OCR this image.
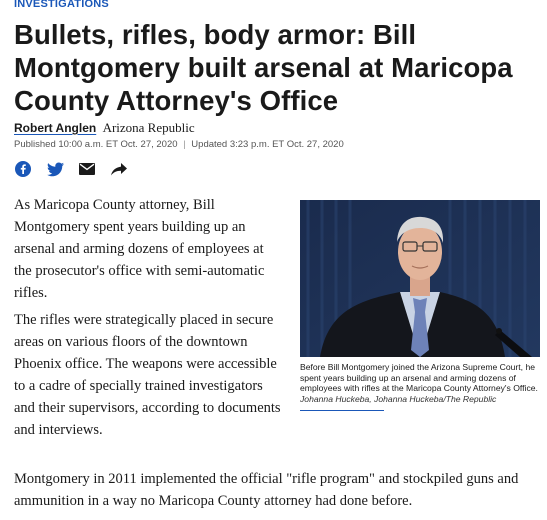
INVESTIGATIONS
Bullets, rifles, body armor: Bill Montgomery built arsenal at Maricopa County Attorney's Office
Robert Anglen Arizona Republic
Published 10:00 a.m. ET Oct. 27, 2020 | Updated 3:23 p.m. ET Oct. 27, 2020

As Maricopa County attorney, Bill Montgomery spent years building up an arsenal and arming dozens of employees at the prosecutor's office with semi-automatic rifles.

The rifles were strategically placed in secure areas on various floors of the downtown Phoenix office. The weapons were accessible to a cadre of specially trained investigators and their supervisors, according to documents and interviews.

Montgomery in 2011 implemented the official "rifle program" and stockpiled guns and ammunition in a way no Maricopa County attorney had done before.

Before Bill Montgomery joined the Arizona Supreme Court, he spent years building up an arsenal and arming dozens of employees with rifles at the Maricopa County Attorney's Office. Johanna Huckeba, Johanna Huckeba/The Republic
